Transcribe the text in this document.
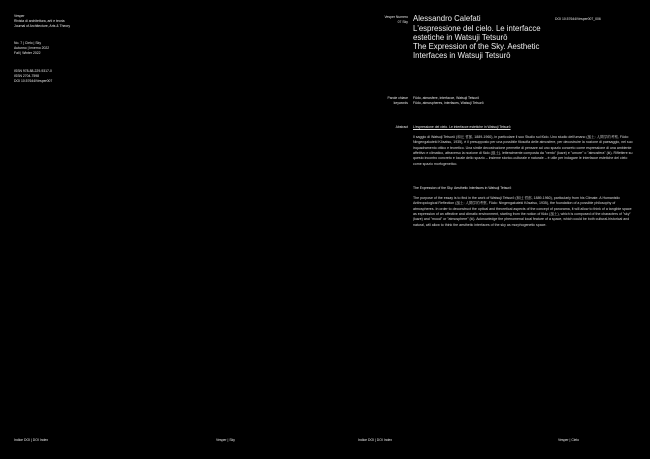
Vesper

Rivista di architettura, arti e teoria

Journal of Architecture, Arts & Theory

No. 7 | Cielo | Sky

Autunno | Inverno 2022

Fall | Winter 2022

ISSN 978-88-229-9317-0

ISSN 2704-7598

DOI 10.57644/Vesper007

Indice DOI | DOI Index	Vesper | Sky

Vesper Numero

07 Sky Alessandro Calefati

L'espressione del cielo. Le interfacce

estetiche in Watsuji Tetsurō

The Expression of the Sky. Aesthetic

Interfaces in Watsuji Tetsurō

DOI 10.57644/Vesper007_006

Parole chiave

keywords

Fūdo, atmosfere, interfacce, Watsuji Tetsurō

Fūdo, atmospheres, interfaces, Watsuji Tetsurō

Abstract L'espressione del cielo. Le interfacce estetiche in Watsuji Tetsurō

Il saggio di Watsuji Tetsurō (和辻 哲郎, 1889-1960), in particolare il suo Studio sul fūdo. Uno studio dell'umano (風土: 人間学的考察, Fūdo: Ningengakuteki Kōsatsu, 1935), è il presupposto per una possibile filosofia delle atmosfere, per decostruire la nozione di paesaggio, nel suo inquadramento ottico e teoretico. Una simile decostruzione permette di pensare ad uno spazio concreto come espressione di una ambiente affettivo e climatico, attraverso la nozione di fūdo (風土), letteralmente composta da "vento" (kaze) e "umore" o "atmosfera" (ki). Riflettere su questo incontro concreto e locale dello spazio – insieme storico-culturale e naturale – è utile per indagare le interfacce estetiche del cielo come spazio morfogenetico.

The Expression of the Sky. Aesthetic Interfaces in Watsuji Tetsurō

The purpose of the essay is to find in the work of Watsuji Tetsurō (和辻 哲郎, 1889-1960), particularly from his Climate. A Humanistic Anthropological Reflection (風土: 人間学的考察, Fūdo: Ningengakuteki Kōsatsu, 1935), the foundation of a possible philosophy of atmospheres. In order to deconstruct the optical and theoretical aspects of the concept of panorama, it will allow to think of a tangible space as expression of an affective and climatic environment, starting from the notion of fūdo (風土), which is composed of the characters of "sky" (kaze) and "mood" or "atmosphere" (ki). Acknowledge the phenomenal local feature of a space, which could be both cultural-historical and natural, will allow to think the aesthetic interfaces of the sky as morphogenetic space.

Indice DOI | DOI Index	Vesper | Cielo
